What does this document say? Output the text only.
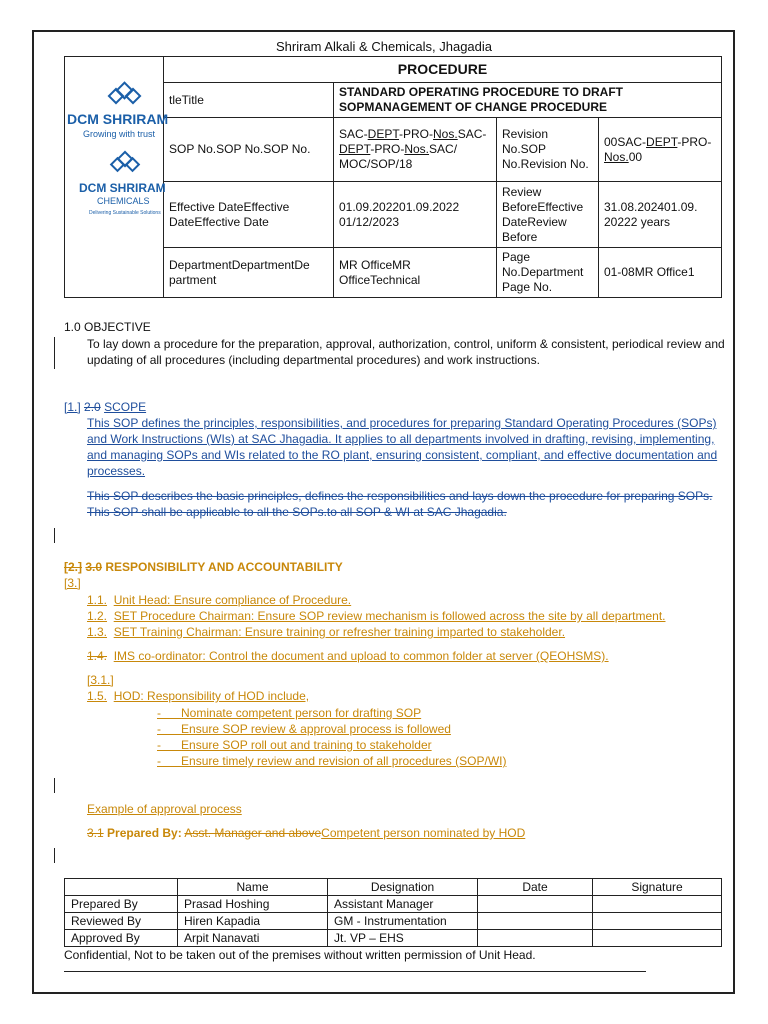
Shriram Alkali & Chemicals, Jhagadia
DCM SHRIRAM
Growing with trust
DCM SHRIRAM
CHEMICALS
Delivering Sustainable Solutions	PROCEDURE			
	tleTitle	STANDARD OPERATING PROCEDURE TO DRAFT SOPMANAGEMENT OF CHANGE PROCEDURE		
	SOP No.SOP No.SOP No.	SAC-DEPT-PRO-Nos.SAC-DEPT-PRO-Nos.SAC/ MOC/SOP/18	Revision No.SOP No.Revision No.	00SAC-DEPT-PRO-Nos.00
	Effective DateEffective DateEffective Date	01.09.202201.09.2022 01/12/2023	Review BeforeEffective DateReview Before	31.08.202401.09. 20222 years
	DepartmentDepartmentDe partment	MR OfficeMR OfficeTechnical	Page No.Department Page No.	01-08MR Office1
1.0 OBJECTIVE
To lay down a procedure for the preparation, approval, authorization, control, uniform & consistent, periodical review and updating of all procedures (including departmental procedures) and work instructions.
[1.] 2.0 SCOPE
This SOP defines the principles, responsibilities, and procedures for preparing Standard Operating Procedures (SOPs) and Work Instructions (WIs) at SAC Jhagadia. It applies to all departments involved in drafting, revising, implementing, and managing SOPs and WIs related to the RO plant, ensuring consistent, compliant, and effective documentation and processes.
This SOP describes the basic principles, defines the responsibilities and lays down the procedure for preparing SOPs. This SOP shall be applicable to all the SOPs.to all SOP & WI at SAC Jhagadia.
[2.] 3.0 RESPONSIBILITY AND ACCOUNTABILITY
[3.]
1.1. Unit Head: Ensure compliance of Procedure.
1.2. SET Procedure Chairman: Ensure SOP review mechanism is followed across the site by all department.
1.3. SET Training Chairman: Ensure training or refresher training imparted to stakeholder.
1.4. IMS co-ordinator: Control the document and upload to common folder at server (QEOHSMS).
[3.1.]
1.5. HOD: Responsibility of HOD include,
- Nominate competent person for drafting SOP
- Ensure SOP review & approval process is followed
- Ensure SOP roll out and training to stakeholder
- Ensure timely review and revision of all procedures (SOP/WI)
Example of approval process
3.1 Prepared By: Asst. Manager and aboveCompetent person nominated by HOD
	Name	Designation	Date	Signature
Prepared By	Prasad Hoshing	Assistant Manager		
Reviewed By	Hiren Kapadia	GM - Instrumentation		
Approved By	Arpit Nanavati	Jt. VP – EHS		
Confidential, Not to be taken out of the premises without written permission of Unit Head.
